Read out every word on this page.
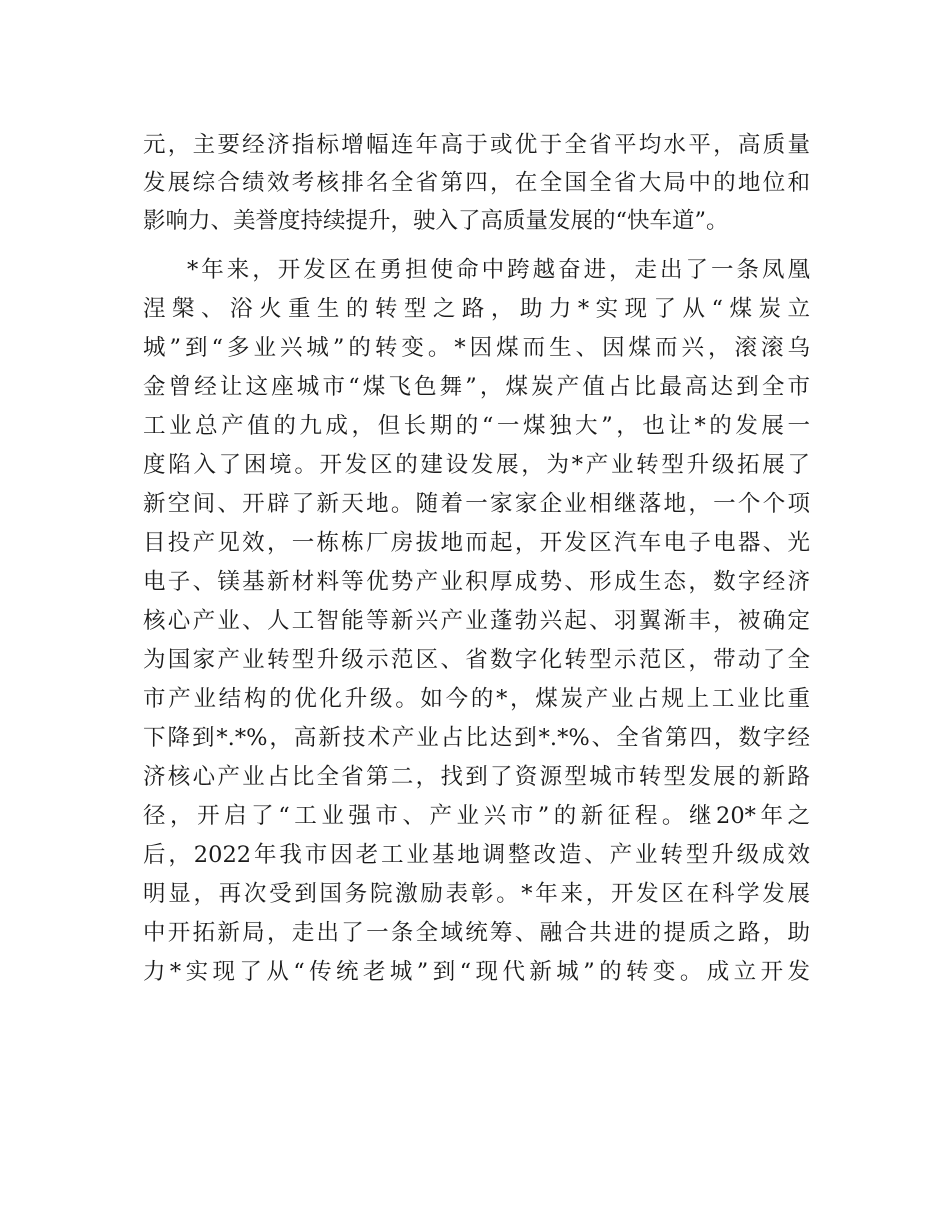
元，主要经济指标增幅连年高于或优于全省平均水平，高质量
发展综合绩效考核排名全省第四，在全国全省大局中的地位和
影响力、美誉度持续提升，驶入了高质量发展的“快车道”。
*年来，开发区在勇担使命中跨越奋进，走出了一条凤凰
涅槃、浴火重生的转型之路，助力*实现了从“煤炭立
城”到“多业兴城”的转变。*因煤而生、因煤而兴，滚滚乌
金曾经让这座城市“煤飞色舞”，煤炭产值占比最高达到全市
工业总产值的九成，但长期的“一煤独大”，也让*的发展一
度陷入了困境。开发区的建设发展，为*产业转型升级拓展了
新空间、开辟了新天地。随着一家家企业相继落地，一个个项
目投产见效，一栋栋厂房拔地而起，开发区汽车电子电器、光
电子、镁基新材料等优势产业积厚成势、形成生态，数字经济
核心产业、人工智能等新兴产业蓬勃兴起、羽翼渐丰，被确定
为国家产业转型升级示范区、省数字化转型示范区，带动了全
市产业结构的优化升级。如今的*，煤炭产业占规上工业比重
下降到*.*%，高新技术产业占比达到*.*%、全省第四，数字经
济核心产业占比全省第二，找到了资源型城市转型发展的新路
径，开启了“工业强市、产业兴市”的新征程。继20*年之
后，2022年我市因老工业基地调整改造、产业转型升级成效
明显，再次受到国务院激励表彰。*年来，开发区在科学发展
中开拓新局，走出了一条全域统筹、融合共进的提质之路，助
力*实现了从“传统老城”到“现代新城”的转变。成立开发
